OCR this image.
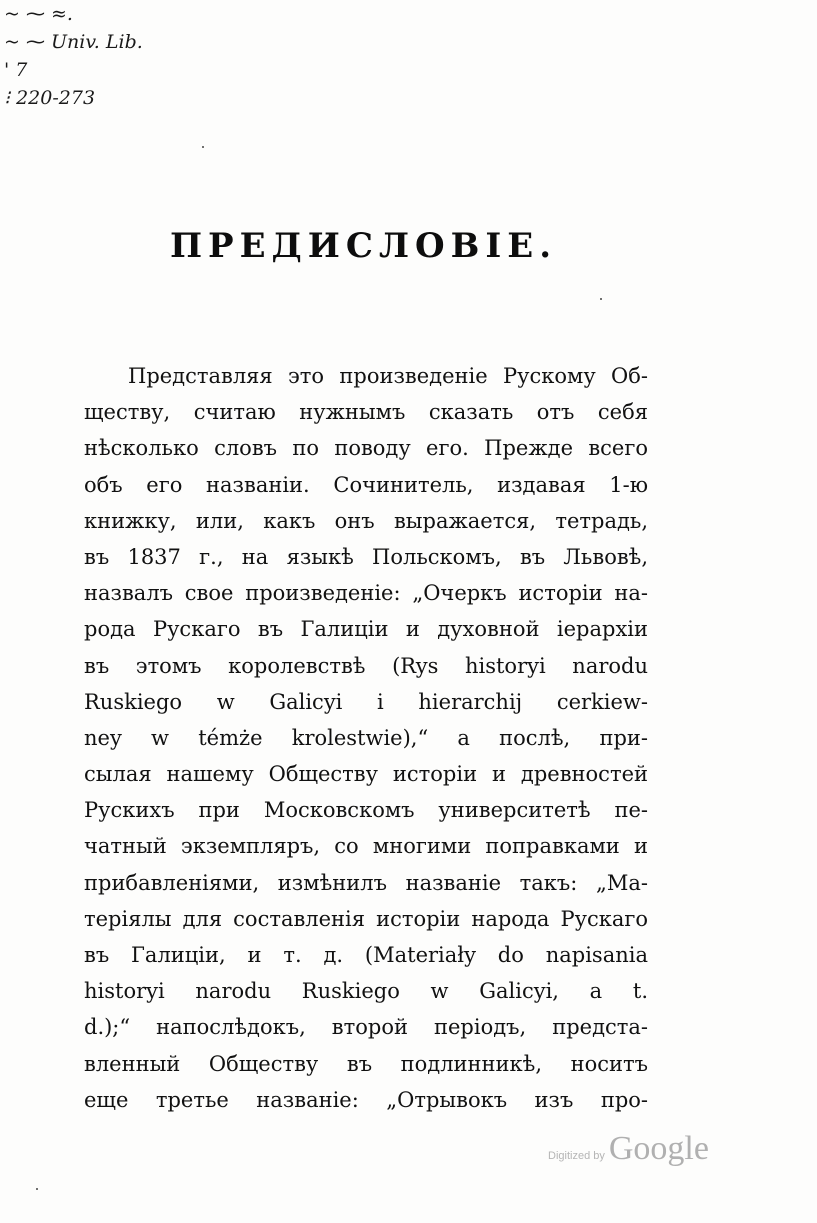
~ ⁓ ≈.
~ ⁓ Univ. Lib.
' 7
⁝ 220-273
ПРЕДИСЛОВІЕ.
Представляя это произведеніе Рускому Об-
ществу, считаю нужнымъ сказать отъ себя
нѣсколько словъ по поводу его. Прежде всего
объ его названіи. Сочинитель, издавая 1-ю
книжку, или, какъ онъ выражается, тетрадь,
въ 1837 г., на языкѣ Польскомъ, въ Львовѣ,
назвалъ свое произведеніе: „Очеркъ исторіи на-
рода Рускаго въ Галиціи и духовной іерархіи
въ этомъ королевствѣ (Rys historyi narodu
Ruskiego w Galicyi i hierarchij cerkiew-
ney w témże krolestwie),“ а послѣ, при-
сылая нашему Обществу исторіи и древностей
Рускихъ при Московскомъ университетѣ пе-
чатный экземпляръ, со многими поправками и
прибавленіями, измѣнилъ названіе такъ: „Ма-
теріялы для составленія исторіи народа Рускаго
въ Галиціи, и т. д. (Materiały do napisania
historyi narodu Ruskiego w Galicyi, a t.
d.);“ напослѣдокъ, второй періодъ, предста-
вленный Обществу въ подлинникѣ, носитъ
еще третье названіе: „Отрывокъ изъ про-
Digitized by Google
